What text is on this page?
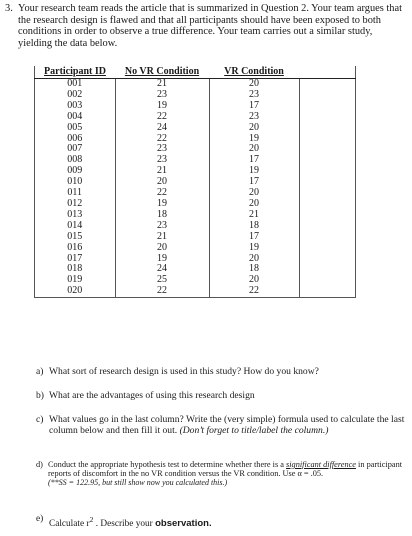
3. Your research team reads the article that is summarized in Question 2. Your team argues that the research design is flawed and that all participants should have been exposed to both conditions in order to observe a true difference. Your team carries out a similar study, yielding the data below.
Participant ID	No VR Condition	VR Condition	
001	21	20	
002	23	23	
003	19	17	
004	22	23	
005	24	20	
006	22	19	
007	23	20	
008	23	17	
009	21	19	
010	20	17	
011	22	20	
012	19	20	
013	18	21	
014	23	18	
015	21	17	
016	20	19	
017	19	20	
018	24	18	
019	25	20	
020	22	22	
a) What sort of research design is used in this study? How do you know?
b) What are the advantages of using this research design
c) What values go in the last column? Write the (very simple) formula used to calculate the last column below and then fill it out. (Don’t forget to title/label the column.)
d) Conduct the appropriate hypothesis test to determine whether there is a significant difference in participant reports of discomfort in the no VR condition versus the VR condition. Use α = .05.
(**SS = 122.95, but still show now you calculated this.)
e)
Calculate $r^2$ . Describe your observation.
